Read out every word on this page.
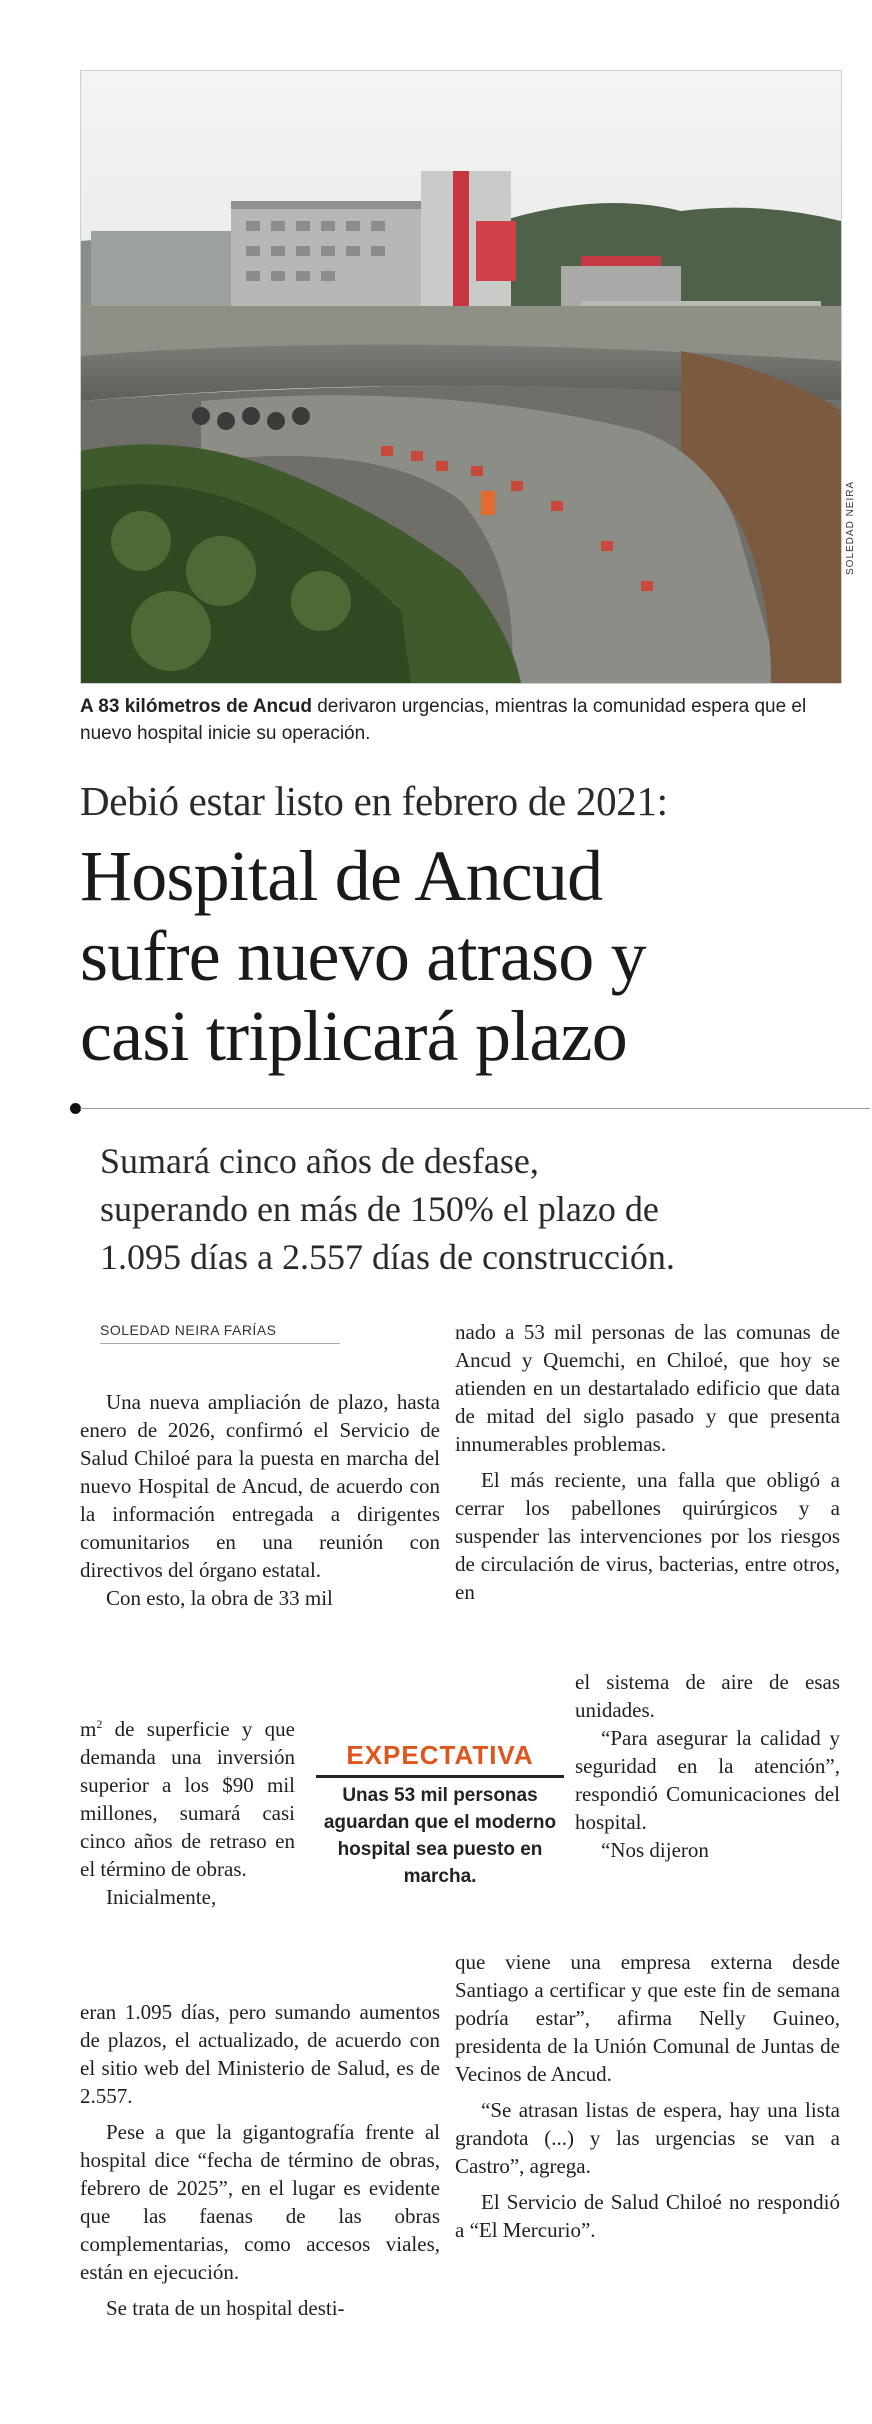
SOLEDAD NEIRA
A 83 kilómetros de Ancud derivaron urgencias, mientras la comunidad espera que el nuevo hospital inicie su operación.
Debió estar listo en febrero de 2021:
Hospital de Ancud
sufre nuevo atraso y
casi triplicará plazo
Sumará cinco años de desfase,
superando en más de 150% el plazo de
1.095 días a 2.557 días de construcción.
SOLEDAD NEIRA FARÍAS

Una nueva ampliación de plazo, hasta enero de 2026, confirmó el Servicio de Salud Chiloé para la puesta en marcha del nuevo Hospital de Ancud, de acuerdo con la información entregada a dirigentes comunitarios en una reunión con directivos del órgano estatal.

Con esto, la obra de 33 mil

$m^2$ de superficie y que demanda una inversión superior a los $90 mil millones, sumará casi cinco años de retraso en el término de obras.

Inicialmente,

eran 1.095 días, pero sumando aumentos de plazos, el actualizado, de acuerdo con el sitio web del Ministerio de Salud, es de 2.557.

Pese a que la gigantografía frente al hospital dice “fecha de término de obras, febrero de 2025”, en el lugar es evidente que las faenas de las obras complementarias, como accesos viales, están en ejecución.

Se trata de un hospital desti-

nado a 53 mil personas de las comunas de Ancud y Quemchi, en Chiloé, que hoy se atienden en un destartalado edificio que data de mitad del siglo pasado y que presenta innumerables problemas.

El más reciente, una falla que obligó a cerrar los pabellones quirúrgicos y a suspender las intervenciones por los riesgos de circulación de virus, bacterias, entre otros, en

el sistema de aire de esas unidades.

“Para asegurar la calidad y seguridad en la atención”, respondió Comunicaciones del hospital.

“Nos dijeron

que viene una empresa externa desde Santiago a certificar y que este fin de semana podría estar”, afirma Nelly Guineo, presidenta de la Unión Comunal de Juntas de Vecinos de Ancud.

“Se atrasan listas de espera, hay una lista grandota (...) y las urgencias se van a Castro”, agrega.

El Servicio de Salud Chiloé no respondió a “El Mercurio”.

EXPECTATIVA
Unas 53 mil personas aguardan que el moderno hospital sea puesto en marcha.
